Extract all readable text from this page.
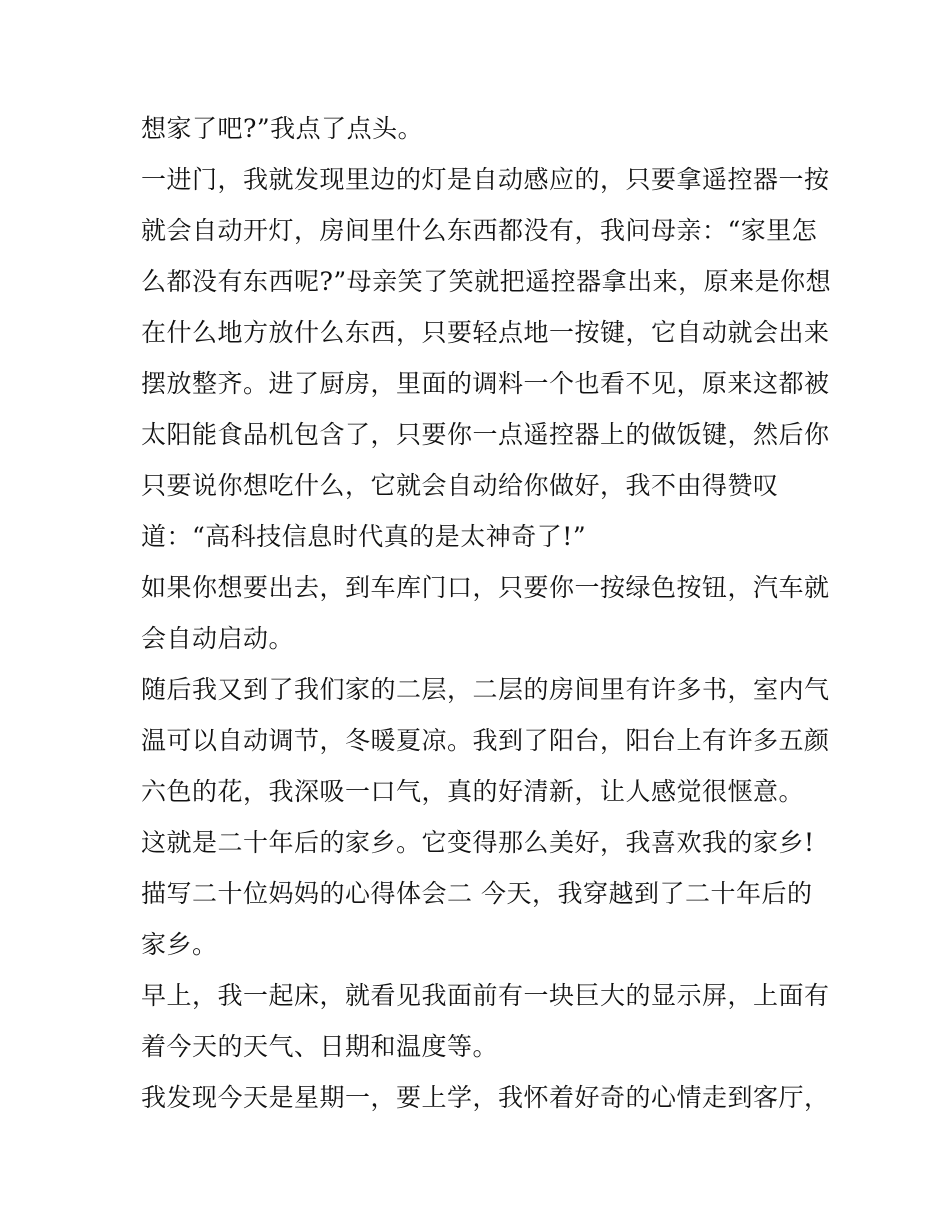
想家了吧?”我点了点头。
一进门，我就发现里边的灯是自动感应的，只要拿遥控器一按
就会自动开灯，房间里什么东西都没有，我问母亲：“家里怎
么都没有东西呢?”母亲笑了笑就把遥控器拿出来，原来是你想
在什么地方放什么东西，只要轻点地一按键，它自动就会出来
摆放整齐。进了厨房，里面的调料一个也看不见，原来这都被
太阳能食品机包含了，只要你一点遥控器上的做饭键，然后你
只要说你想吃什么，它就会自动给你做好，我不由得赞叹
道：“高科技信息时代真的是太神奇了!”
如果你想要出去，到车库门口，只要你一按绿色按钮，汽车就
会自动启动。
随后我又到了我们家的二层，二层的房间里有许多书，室内气
温可以自动调节，冬暖夏凉。我到了阳台，阳台上有许多五颜
六色的花，我深吸一口气，真的好清新，让人感觉很惬意。
这就是二十年后的家乡。它变得那么美好，我喜欢我的家乡!
描写二十位妈妈的心得体会二 今天，我穿越到了二十年后的
家乡。
早上，我一起床，就看见我面前有一块巨大的显示屏，上面有
着今天的天气、日期和温度等。
我发现今天是星期一，要上学，我怀着好奇的心情走到客厅，
